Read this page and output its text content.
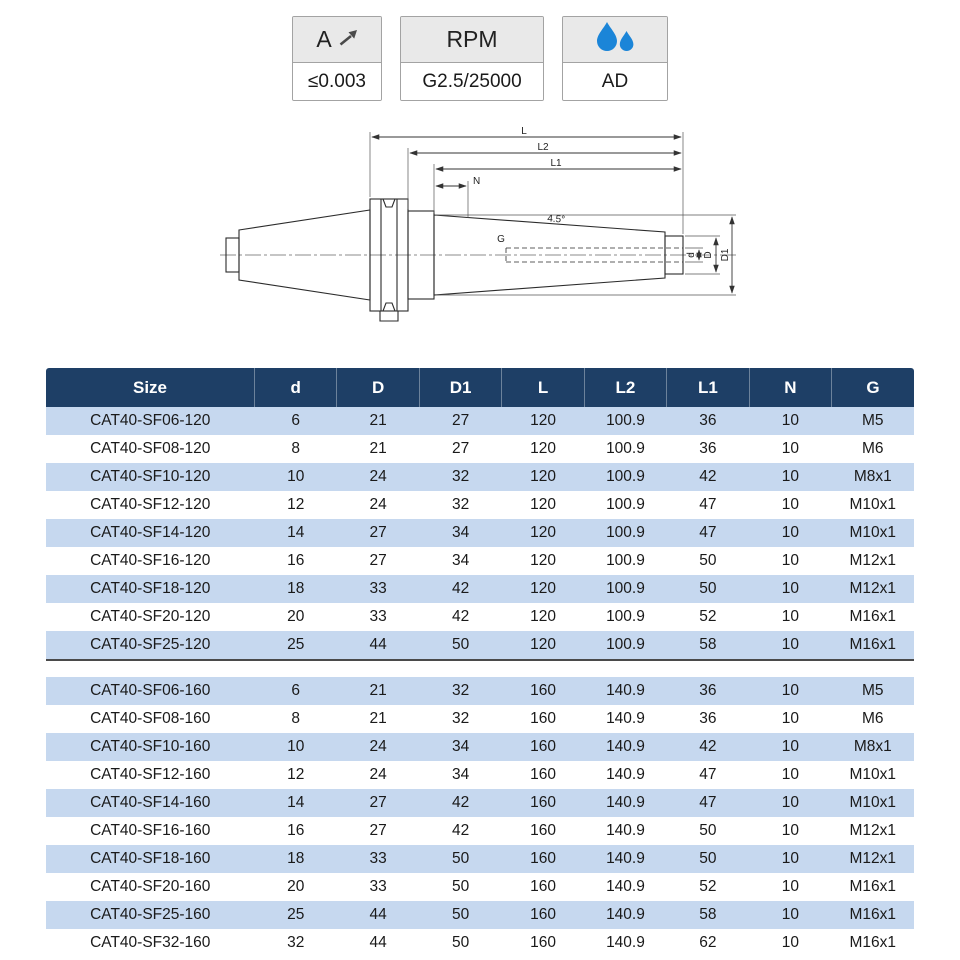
A
≤0.003
RPM
G2.5/25000	AD
L
L2
L1
N
G
4.5°
d D D1
Size	d	D	D1	L	L2	L1	N	G
CAT40-SF06-120	6	21	27	120	100.9	36	10	M5
CAT40-SF08-120	8	21	27	120	100.9	36	10	M6
CAT40-SF10-120	10	24	32	120	100.9	42	10	M8x1
CAT40-SF12-120	12	24	32	120	100.9	47	10	M10x1
CAT40-SF14-120	14	27	34	120	100.9	47	10	M10x1
CAT40-SF16-120	16	27	34	120	100.9	50	10	M12x1
CAT40-SF18-120	18	33	42	120	100.9	50	10	M12x1
CAT40-SF20-120	20	33	42	120	100.9	52	10	M16x1
CAT40-SF25-120	25	44	50	120	100.9	58	10	M16x1

CAT40-SF06-160	6	21	32	160	140.9	36	10	M5
CAT40-SF08-160	8	21	32	160	140.9	36	10	M6
CAT40-SF10-160	10	24	34	160	140.9	42	10	M8x1
CAT40-SF12-160	12	24	34	160	140.9	47	10	M10x1
CAT40-SF14-160	14	27	42	160	140.9	47	10	M10x1
CAT40-SF16-160	16	27	42	160	140.9	50	10	M12x1
CAT40-SF18-160	18	33	50	160	140.9	50	10	M12x1
CAT40-SF20-160	20	33	50	160	140.9	52	10	M16x1
CAT40-SF25-160	25	44	50	160	140.9	58	10	M16x1
CAT40-SF32-160	32	44	50	160	140.9	62	10	M16x1
